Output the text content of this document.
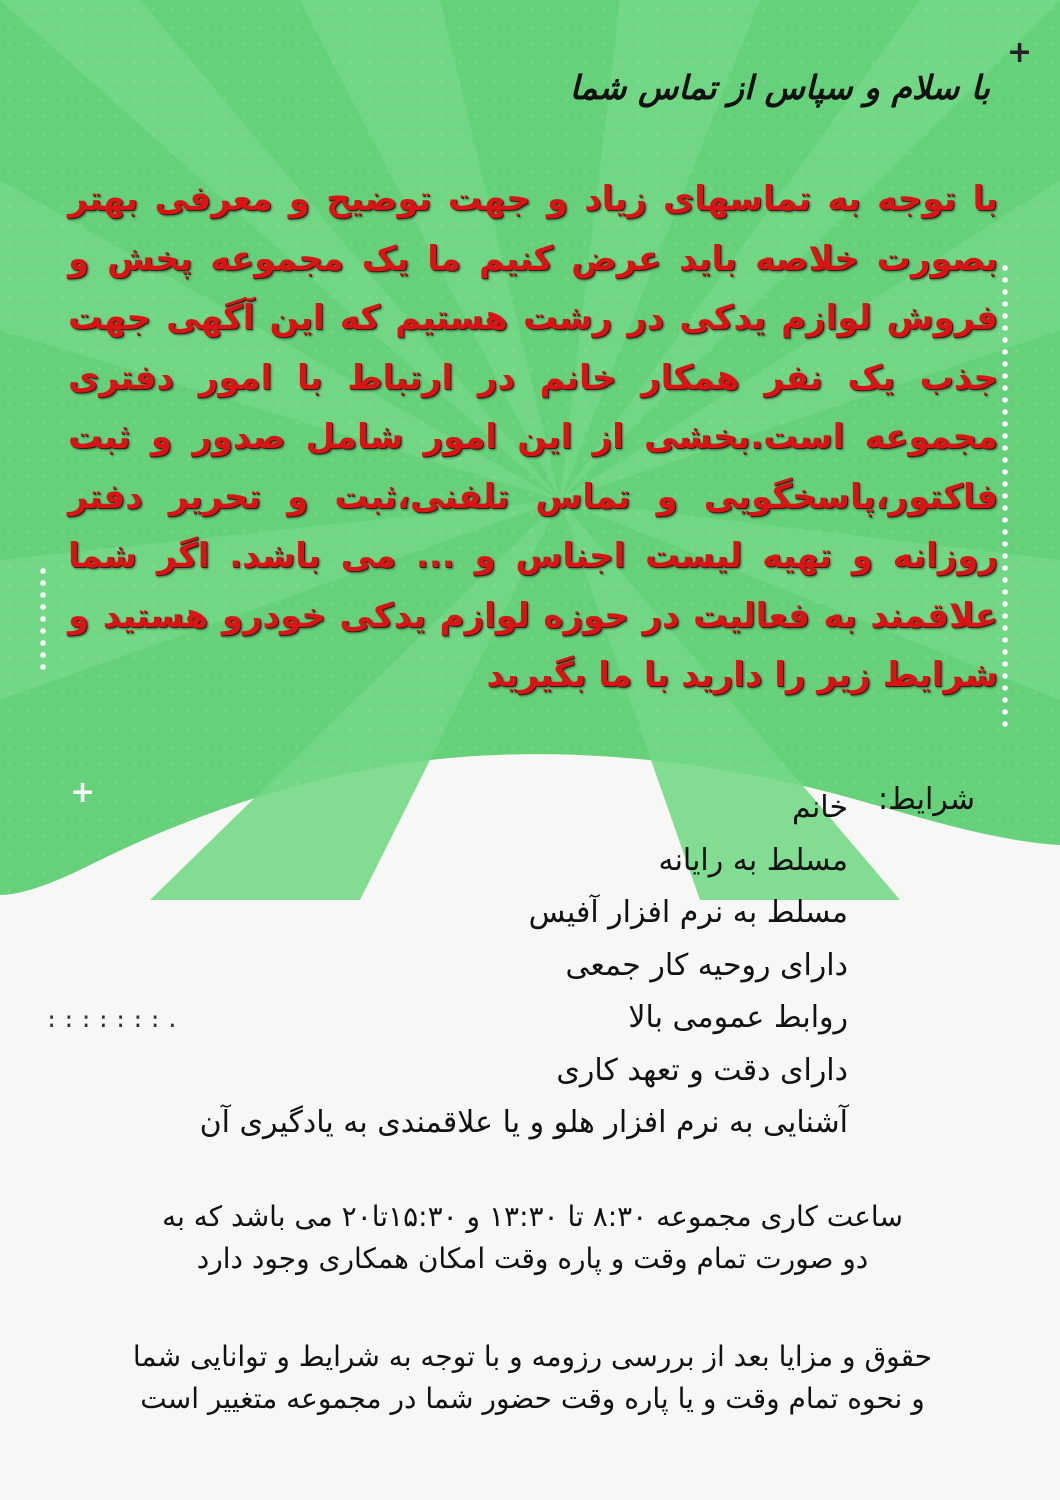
+
+
:::::::.

با سلام و سپاس از تماس شما

با توجه به تماسهای زیاد و جهت توضیح و معرفی بهتر بصورت خلاصه باید عرض کنیم ما یک مجموعه پخش و فروش لوازم یدکی در رشت هستیم که این آگهی جهت جذب یک نفر همکار خانم در ارتباط با امور دفتری مجموعه است.بخشی از این امور شامل صدور و ثبت فاکتور،پاسخگویی و تماس تلفنی،ثبت و تحریر دفتر روزانه و تهیه لیست اجناس و ... می باشد. اگر شما علاقمند به فعالیت در حوزه لوازم یدکی خودرو هستید و شرایط زیر را دارید با ما بگیرید

شرایط:

خانم
مسلط به رایانه
مسلط به نرم افزار آفیس
دارای روحیه کار جمعی
روابط عمومی بالا
دارای دقت و تعهد کاری
آشنایی به نرم افزار هلو و یا علاقمندی به یادگیری آن
ساعت کاری مجموعه ۸:۳۰ تا ۱۳:۳۰ و ۱۵:۳۰تا۲۰ می باشد که به
دو صورت تمام وقت و پاره وقت امکان همکاری وجود دارد
حقوق و مزایا بعد از بررسی رزومه و با توجه به شرایط و توانایی شما
و نحوه تمام وقت و یا پاره وقت حضور شما در مجموعه متغییر است
